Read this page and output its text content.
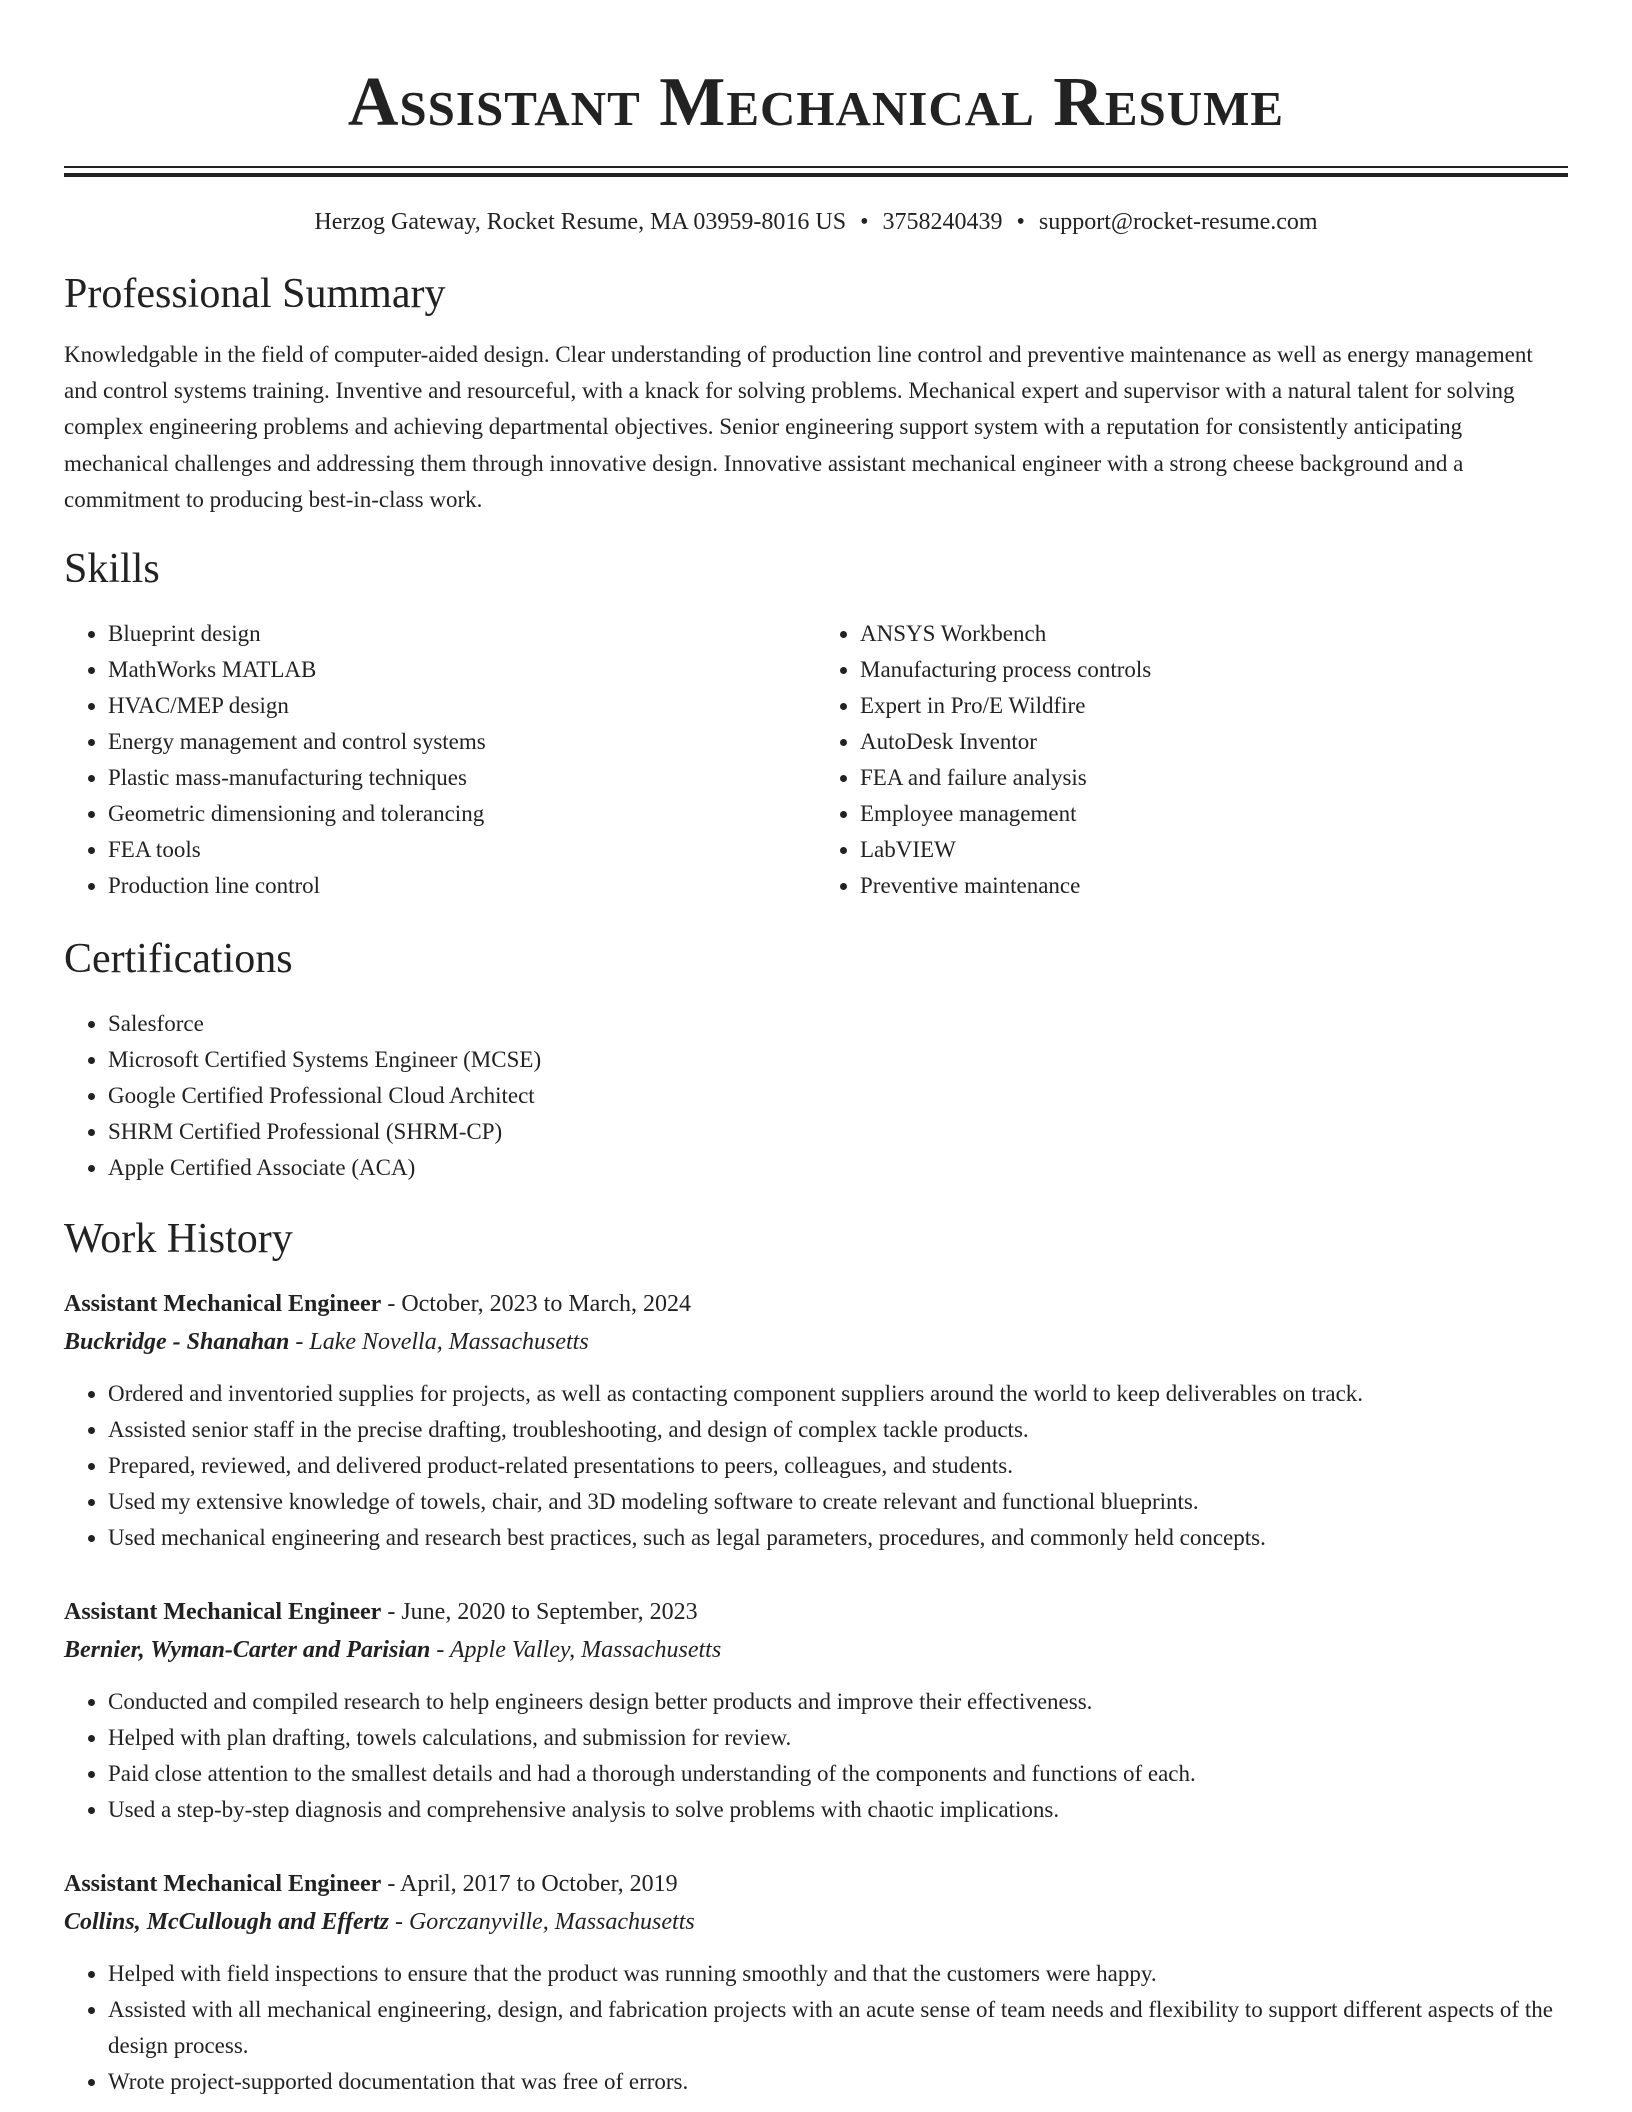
Assistant Mechanical Resume
Herzog Gateway, Rocket Resume, MA 03959-8016 US • 3758240439 • support@rocket-resume.com
Professional Summary

Knowledgable in the field of computer-aided design. Clear understanding of production line control and preventive maintenance as well as energy management and control systems training. Inventive and resourceful, with a knack for solving problems. Mechanical expert and supervisor with a natural talent for solving complex engineering problems and achieving departmental objectives. Senior engineering support system with a reputation for consistently anticipating mechanical challenges and addressing them through innovative design. Innovative assistant mechanical engineer with a strong cheese background and a commitment to producing best-in-class work.

Skills
• Blueprint design
• MathWorks MATLAB
• HVAC/MEP design
• Energy management and control systems
• Plastic mass-manufacturing techniques
• Geometric dimensioning and tolerancing
• FEA tools
• Production line control
• ANSYS Workbench
• Manufacturing process controls
• Expert in Pro/E Wildfire
• AutoDesk Inventor
• FEA and failure analysis
• Employee management
• LabVIEW
• Preventive maintenance
Certifications
• Salesforce
• Microsoft Certified Systems Engineer (MCSE)
• Google Certified Professional Cloud Architect
• SHRM Certified Professional (SHRM-CP)
• Apple Certified Associate (ACA)
Work History
Assistant Mechanical Engineer - October, 2023 to March, 2024
Buckridge - Shanahan - Lake Novella, Massachusetts
• Ordered and inventoried supplies for projects, as well as contacting component suppliers around the world to keep deliverables on track.
• Assisted senior staff in the precise drafting, troubleshooting, and design of complex tackle products.
• Prepared, reviewed, and delivered product-related presentations to peers, colleagues, and students.
• Used my extensive knowledge of towels, chair, and 3D modeling software to create relevant and functional blueprints.
• Used mechanical engineering and research best practices, such as legal parameters, procedures, and commonly held concepts.
Assistant Mechanical Engineer - June, 2020 to September, 2023
Bernier, Wyman-Carter and Parisian - Apple Valley, Massachusetts
• Conducted and compiled research to help engineers design better products and improve their effectiveness.
• Helped with plan drafting, towels calculations, and submission for review.
• Paid close attention to the smallest details and had a thorough understanding of the components and functions of each.
• Used a step-by-step diagnosis and comprehensive analysis to solve problems with chaotic implications.
Assistant Mechanical Engineer - April, 2017 to October, 2019
Collins, McCullough and Effertz - Gorczanyville, Massachusetts
• Helped with field inspections to ensure that the product was running smoothly and that the customers were happy.
• Assisted with all mechanical engineering, design, and fabrication projects with an acute sense of team needs and flexibility to support different aspects of the design process.
• Wrote project-supported documentation that was free of errors.
